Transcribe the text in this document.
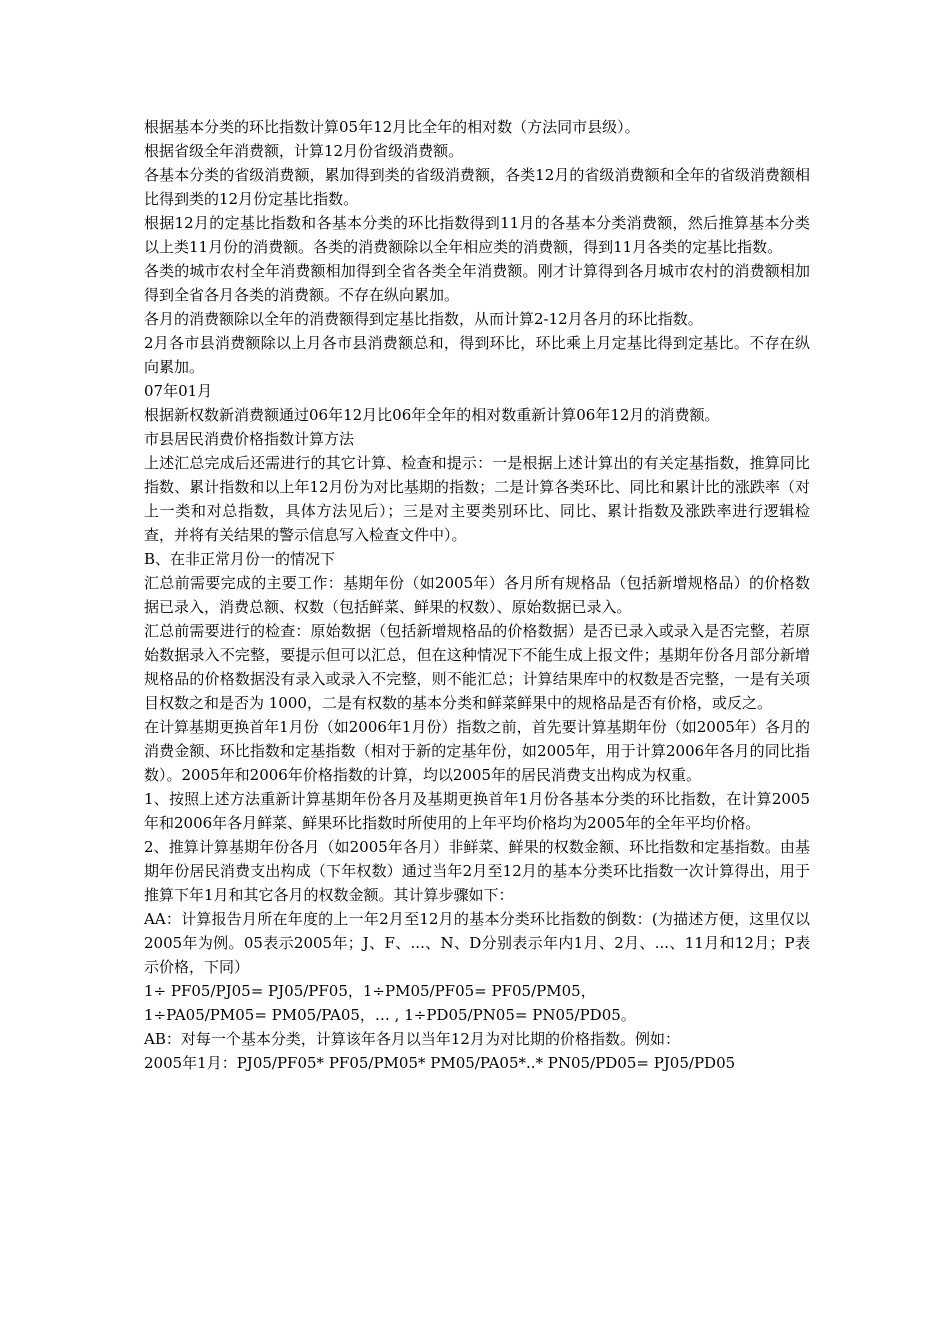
根据基本分类的环比指数计算05年12月比全年的相对数（方法同市县级）。

根据省级全年消费额，计算12月份省级消费额。

各基本分类的省级消费额，累加得到类的省级消费额，各类12月的省级消费额和全年的省级消费额相比得到类的12月份定基比指数。

根据12月的定基比指数和各基本分类的环比指数得到11月的各基本分类消费额，然后推算基本分类以上类11月份的消费额。各类的消费额除以全年相应类的消费额，得到11月各类的定基比指数。

各类的城市农村全年消费额相加得到全省各类全年消费额。刚才计算得到各月城市农村的消费额相加得到全省各月各类的消费额。不存在纵向累加。

各月的消费额除以全年的消费额得到定基比指数，从而计算2-12月各月的环比指数。

2月各市县消费额除以上月各市县消费额总和，得到环比，环比乘上月定基比得到定基比。不存在纵向累加。

07年01月

根据新权数新消费额通过06年12月比06年全年的相对数重新计算06年12月的消费额。

市县居民消费价格指数计算方法

上述汇总完成后还需进行的其它计算、检查和提示：一是根据上述计算出的有关定基指数，推算同比指数、累计指数和以上年12月份为对比基期的指数；二是计算各类环比、同比和累计比的涨跌率（对上一类和对总指数，具体方法见后）；三是对主要类别环比、同比、累计指数及涨跌率进行逻辑检查，并将有关结果的警示信息写入检查文件中）。

B、在非正常月份一的情况下

汇总前需要完成的主要工作：基期年份（如2005年）各月所有规格品（包括新增规格品）的价格数据已录入，消费总额、权数（包括鲜菜、鲜果的权数）、原始数据已录入。

汇总前需要进行的检查：原始数据（包括新增规格品的价格数据）是否已录入或录入是否完整，若原始数据录入不完整，要提示但可以汇总，但在这种情况下不能生成上报文件；基期年份各月部分新增规格品的价格数据没有录入或录入不完整，则不能汇总；计算结果库中的权数是否完整，一是有关项目权数之和是否为 1000，二是有权数的基本分类和鲜菜鲜果中的规格品是否有价格，或反之。

在计算基期更换首年1月份（如2006年1月份）指数之前，首先要计算基期年份（如2005年）各月的消费金额、环比指数和定基指数（相对于新的定基年份，如2005年，用于计算2006年各月的同比指数）。2005年和2006年价格指数的计算，均以2005年的居民消费支出构成为权重。

1、按照上述方法重新计算基期年份各月及基期更换首年1月份各基本分类的环比指数，在计算2005年和2006年各月鲜菜、鲜果环比指数时所使用的上年平均价格均为2005年的全年平均价格。

2、推算计算基期年份各月（如2005年各月）非鲜菜、鲜果的权数金额、环比指数和定基指数。由基期年份居民消费支出构成（下年权数）通过当年2月至12月的基本分类环比指数一次计算得出，用于推算下年1月和其它各月的权数金额。其计算步骤如下：

AA：计算报告月所在年度的上一年2月至12月的基本分类环比指数的倒数：(为描述方便，这里仅以2005年为例。05表示2005年；J、F、...、N、D分别表示年内1月、2月、...、11月和12月；P表示价格，下同）

1÷ PF05/PJ05= PJ05/PF05，1÷PM05/PF05= PF05/PM05，

1÷PA05/PM05= PM05/PA05，… , 1÷PD05/PN05= PN05/PD05。

AB：对每一个基本分类，计算该年各月以当年12月为对比期的价格指数。例如：

2005年1月：PJ05/PF05* PF05/PM05* PM05/PA05*..* PN05/PD05= PJ05/PD05
